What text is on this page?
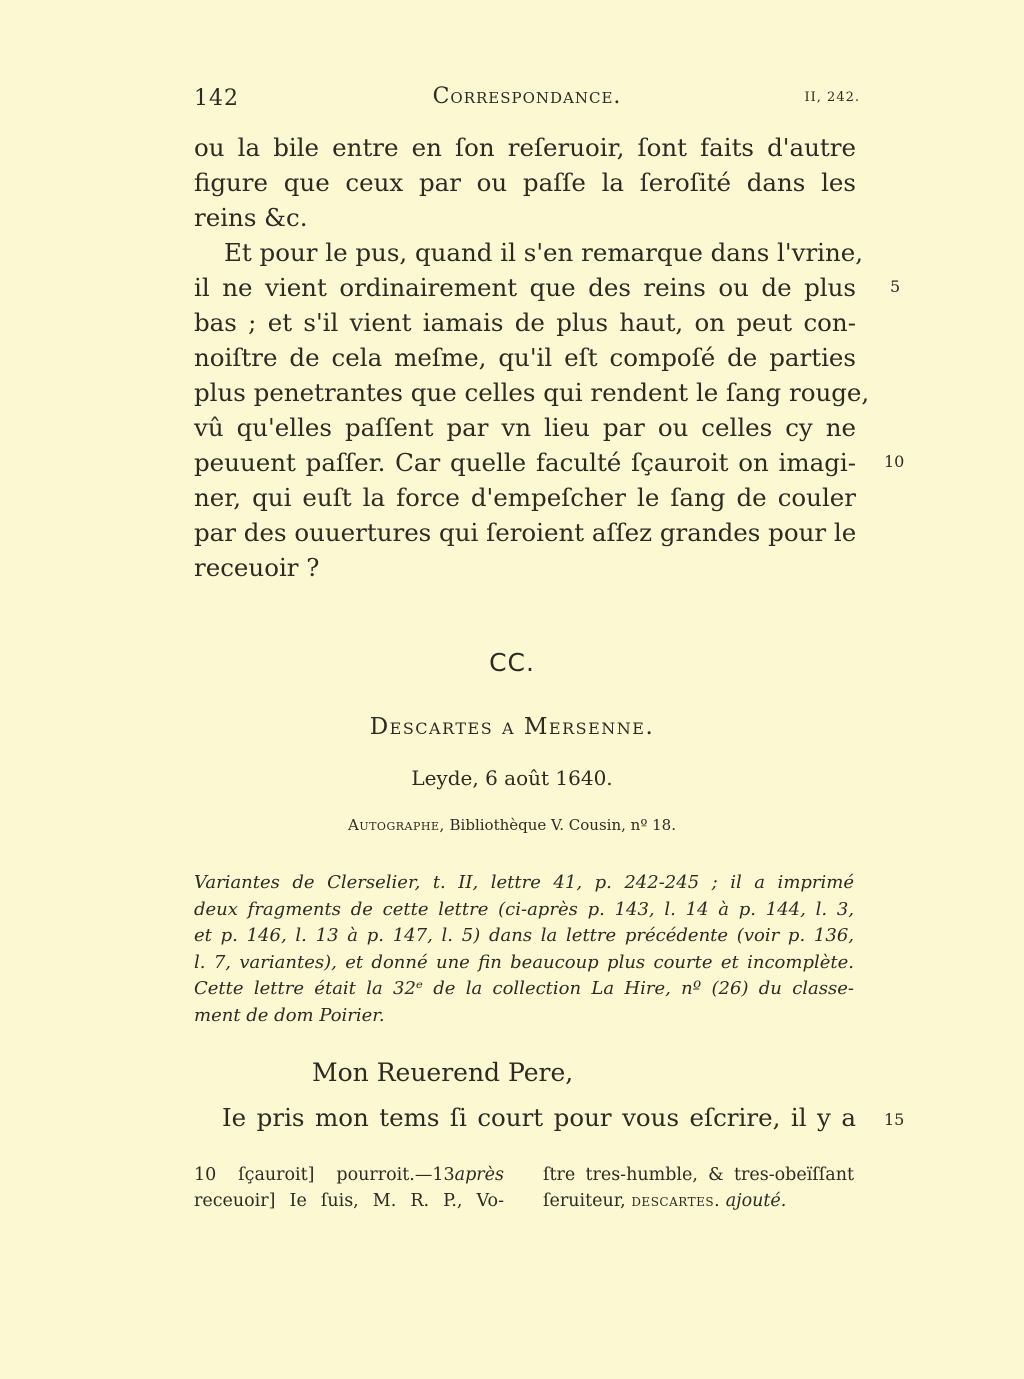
142	Correspondance.	II, 242.
ou la bile entre en ſon reſeruoir, ſont faits d'autre
figure que ceux par ou paſſe la ſeroſité dans les
reins &c.
Et pour le pus, quand il s'en remarque dans l'vrine,
il ne vient ordinairement que des reins ou de plus
bas ; et s'il vient iamais de plus haut, on peut con-
noiſtre de cela meſme, qu'il eſt compoſé de parties
plus penetrantes que celles qui rendent le ſang rouge,
vû qu'elles paſſent par vn lieu par ou celles cy ne
peuuent paſſer. Car quelle faculté ſçauroit on imagi-
ner, qui euſt la force d'empeſcher le ſang de couler
par des ouuertures qui ſeroient aſſez grandes pour le
receuoir ?
5
10
CC.
Descartes a Mersenne.
Leyde, 6 août 1640.
Autographe, Bibliothèque V. Cousin, nº 18.
Variantes de Clerselier, t. II, lettre 41, p. 242-245 ; il a imprimé
deux fragments de cette lettre (ci-après p. 143, l. 14 à p. 144, l. 3,
et p. 146, l. 13 à p. 147, l. 5) dans la lettre précédente (voir p. 136,
l. 7, variantes), et donné une fin beaucoup plus courte et incomplète.
Cette lettre était la 32ᵉ de la collection La Hire, nº (26) du classe-
ment de dom Poirier.
Mon Reuerend Pere,
Ie pris mon tems ſi court pour vous eſcrire, il y a 15
10 ſçauroit] pourroit.—13après
receuoir] Ie ſuis, M. R. P., Vo-
ſtre tres-humble, & tres-obeïſſant
ſeruiteur, descartes. ajouté.
